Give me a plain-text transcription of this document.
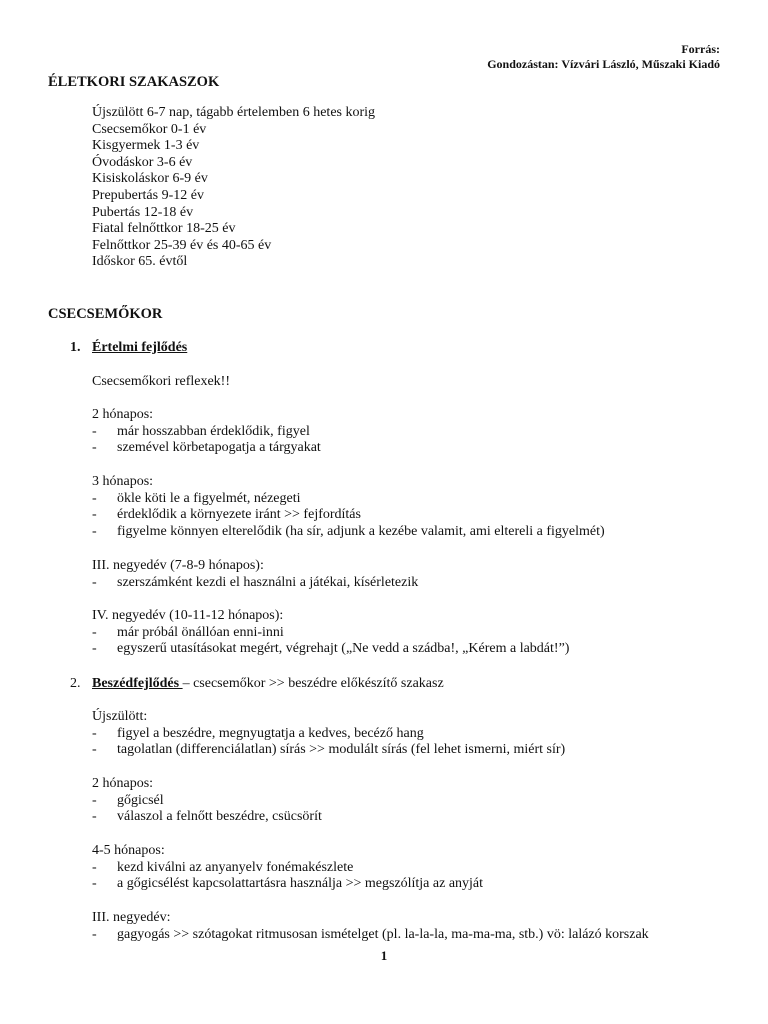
Forrás:
Gondozástan: Vízvári László, Műszaki Kiadó
ÉLETKORI SZAKASZOK
Újszülött 6-7 nap, tágabb értelemben 6 hetes korig
Csecsemőkor 0-1 év
Kisgyermek 1-3 év
Óvodáskor 3-6 év
Kisiskoláskor 6-9 év
Prepubertás 9-12 év
Pubertás 12-18 év
Fiatal felnőttkor 18-25 év
Felnőttkor 25-39 év és 40-65 év
Időskor 65. évtől
CSECSEMŐKOR
1. Értelmi fejlődés
Csecsemőkori reflexek!!
2 hónapos:
- már hosszabban érdeklődik, figyel
- szemével körbetapogatja a tárgyakat
3 hónapos:
- ökle köti le a figyelmét, nézegeti
- érdeklődik a környezete iránt >> fejfordítás
- figyelme könnyen elterelődik (ha sír, adjunk a kezébe valamit, ami eltereli a figyelmét)
III. negyedév (7-8-9 hónapos):
- szerszámként kezdi el használni a játékai, kísérletezik
IV. negyedév (10-11-12 hónapos):
- már próbál önállóan enni-inni
- egyszerű utasításokat megért, végrehajt („Ne vedd a szádba!, „Kérem a labdát!”)
2. Beszédfejlődés – csecsemőkor >> beszédre előkészítő szakasz
Újszülött:
- figyel a beszédre, megnyugtatja a kedves, becéző hang
- tagolatlan (differenciálatlan) sírás >> modulált sírás (fel lehet ismerni, miért sír)
2 hónapos:
- gőgicsél
- válaszol a felnőtt beszédre, csücsörít
4-5 hónapos:
- kezd kiválni az anyanyelv fonémakészlete
- a gőgicsélést kapcsolattartásra használja >> megszólítja az anyját
III. negyedév:
- gagyogás >> szótagokat ritmusosan ismételget (pl. la-la-la, ma-ma-ma, stb.) vö: lalázó korszak
1
